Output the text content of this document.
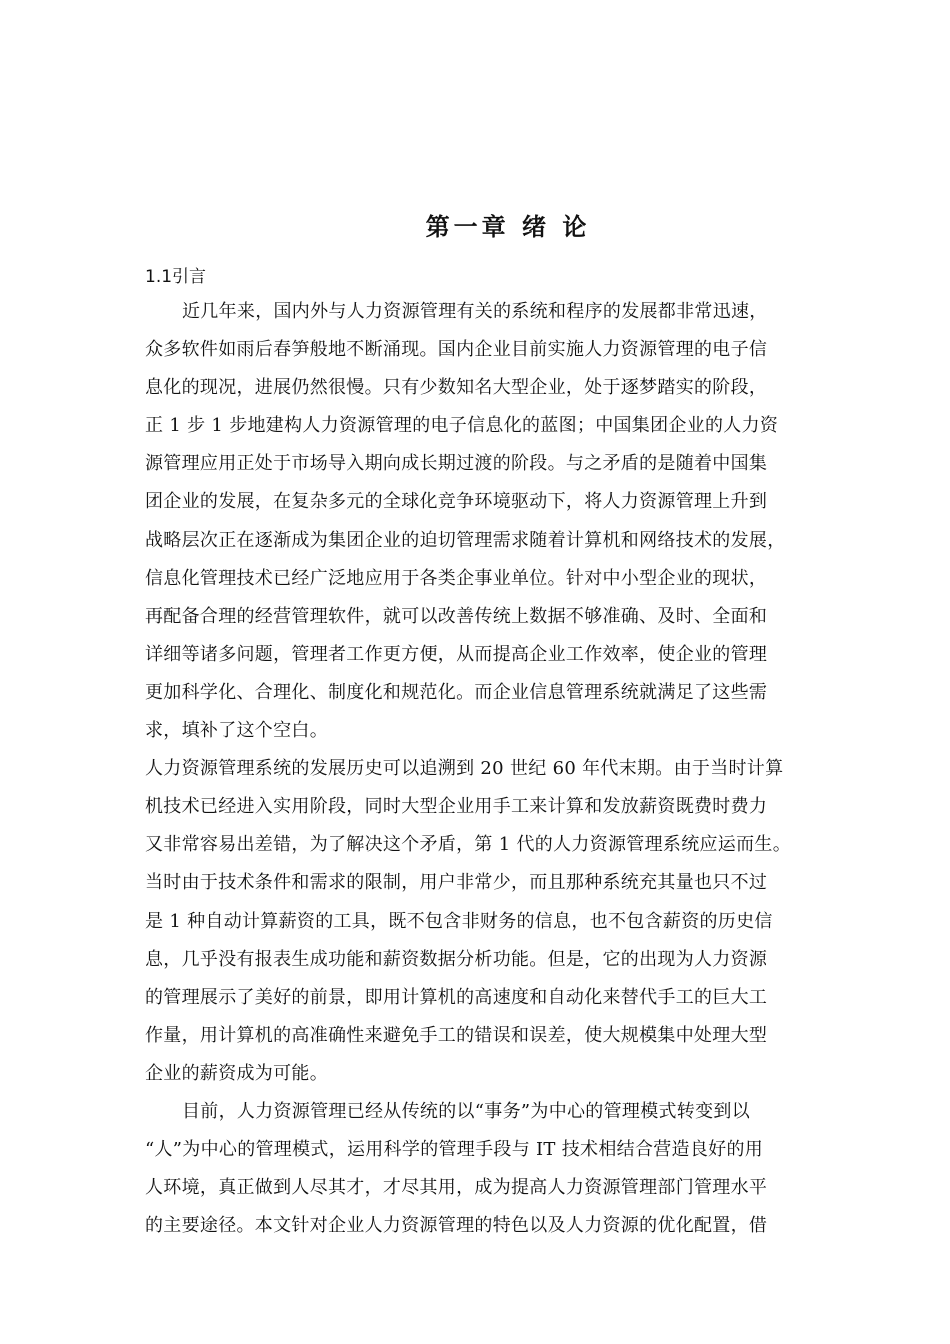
第一章 绪 论
1.1引言
近几年来，国内外与人力资源管理有关的系统和程序的发展都非常迅速，
众多软件如雨后春笋般地不断涌现。国内企业目前实施人力资源管理的电子信
息化的现况，进展仍然很慢。只有少数知名大型企业，处于逐梦踏实的阶段，
正 1 步 1 步地建构人力资源管理的电子信息化的蓝图；中国集团企业的人力资
源管理应用正处于市场导入期向成长期过渡的阶段。与之矛盾的是随着中国集
团企业的发展，在复杂多元的全球化竞争环境驱动下，将人力资源管理上升到
战略层次正在逐渐成为集团企业的迫切管理需求随着计算机和网络技术的发展，
信息化管理技术已经广泛地应用于各类企事业单位。针对中小型企业的现状，
再配备合理的经营管理软件，就可以改善传统上数据不够准确、及时、全面和
详细等诸多问题，管理者工作更方便，从而提高企业工作效率，使企业的管理
更加科学化、合理化、制度化和规范化。而企业信息管理系统就满足了这些需
求，填补了这个空白。
人力资源管理系统的发展历史可以追溯到 20 世纪 60 年代末期。由于当时计算
机技术已经进入实用阶段，同时大型企业用手工来计算和发放薪资既费时费力
又非常容易出差错，为了解决这个矛盾，第 1 代的人力资源管理系统应运而生。
当时由于技术条件和需求的限制，用户非常少，而且那种系统充其量也只不过
是 1 种自动计算薪资的工具，既不包含非财务的信息，也不包含薪资的历史信
息，几乎没有报表生成功能和薪资数据分析功能。但是，它的出现为人力资源
的管理展示了美好的前景，即用计算机的高速度和自动化来替代手工的巨大工
作量，用计算机的高准确性来避免手工的错误和误差，使大规模集中处理大型
企业的薪资成为可能。
目前，人力资源管理已经从传统的以“事务”为中心的管理模式转变到以
“人”为中心的管理模式，运用科学的管理手段与 IT 技术相结合营造良好的用
人环境，真正做到人尽其才，才尽其用，成为提高人力资源管理部门管理水平
的主要途径。本文针对企业人力资源管理的特色以及人力资源的优化配置，借
